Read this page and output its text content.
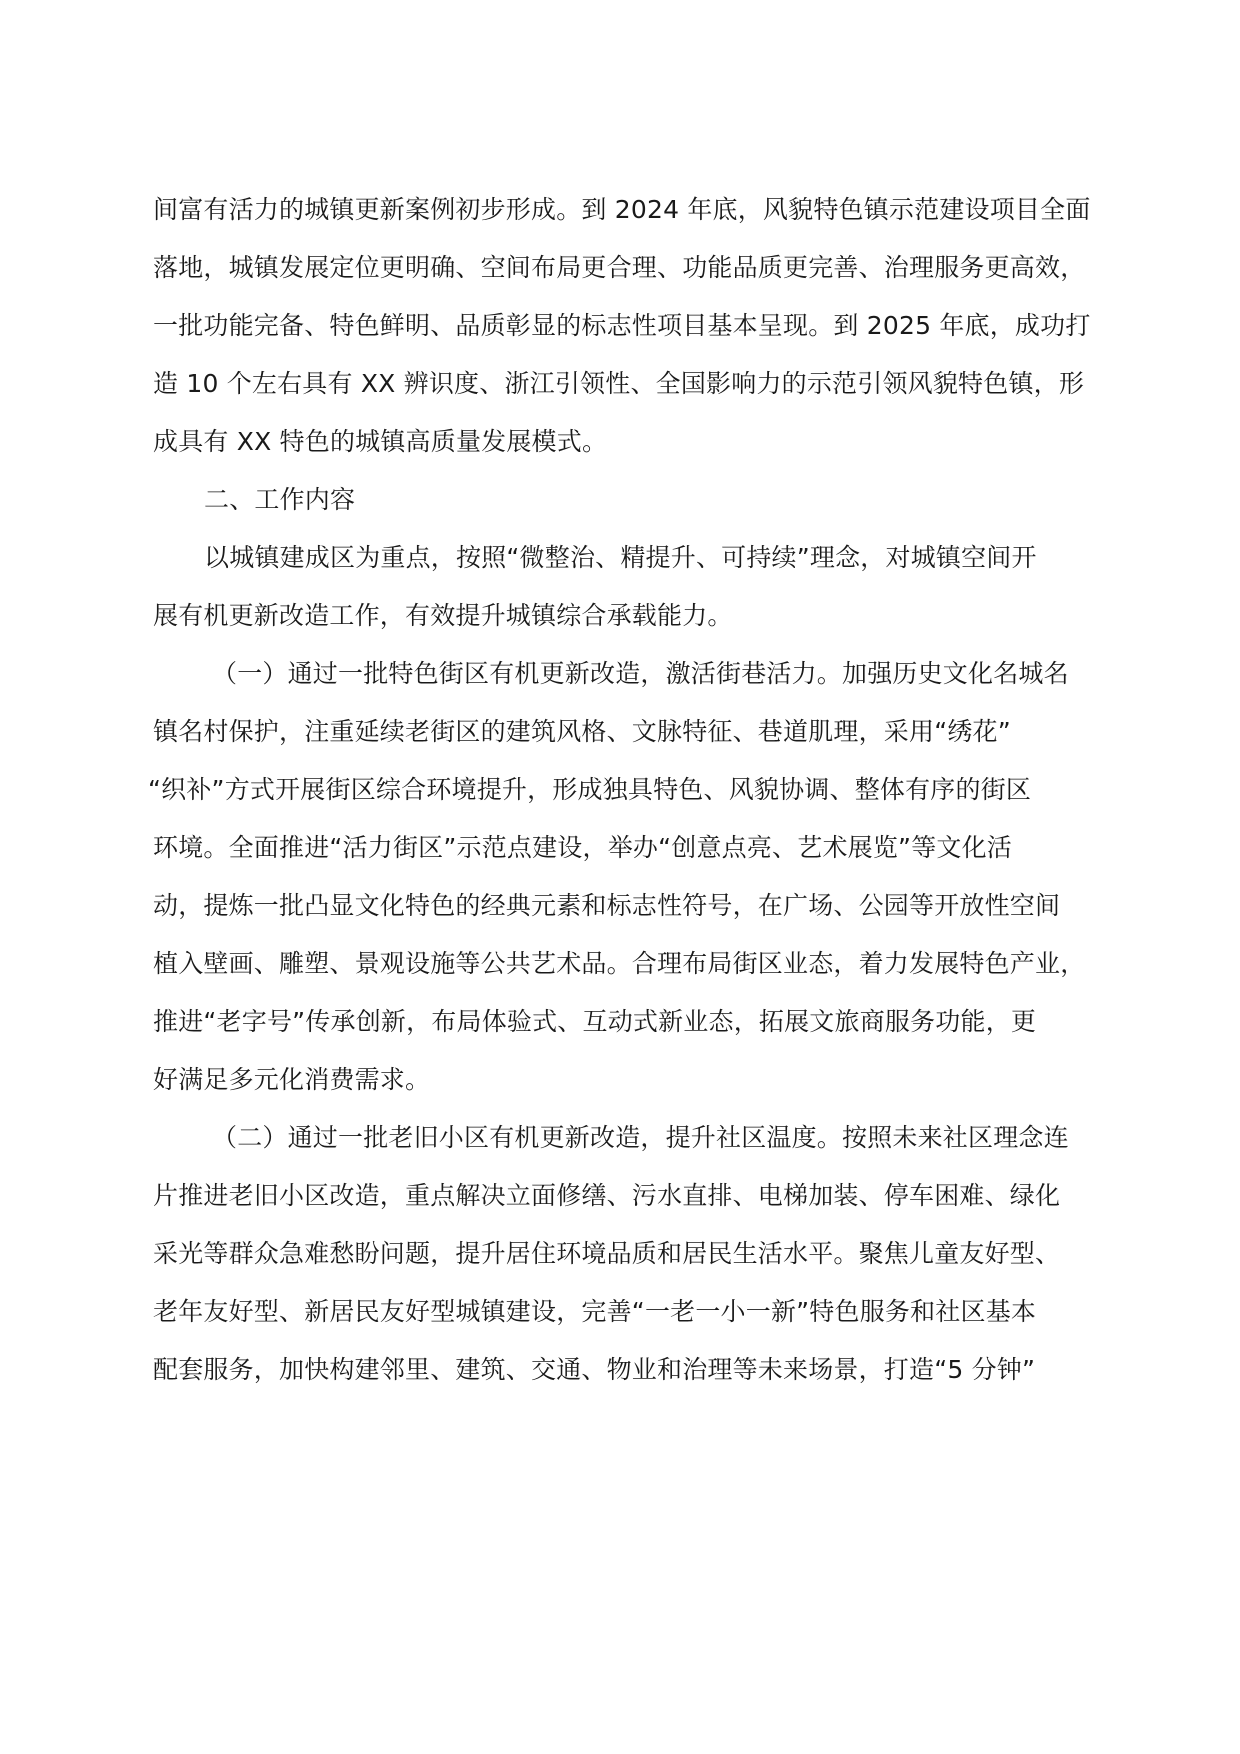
间富有活力的城镇更新案例初步形成。到 2024 年底，风貌特色镇示范建设项目全面
落地，城镇发展定位更明确、空间布局更合理、功能品质更完善、治理服务更高效，
一批功能完备、特色鲜明、品质彰显的标志性项目基本呈现。到 2025 年底，成功打
造 10 个左右具有 XX 辨识度、浙江引领性、全国影响力的示范引领风貌特色镇，形
成具有 XX 特色的城镇高质量发展模式。
二、工作内容
以城镇建成区为重点，按照“微整治、精提升、可持续”理念，对城镇空间开
展有机更新改造工作，有效提升城镇综合承载能力。
（一）通过一批特色街区有机更新改造，激活街巷活力。加强历史文化名城名
镇名村保护，注重延续老街区的建筑风格、文脉特征、巷道肌理，采用“绣花”
“织补”方式开展街区综合环境提升，形成独具特色、风貌协调、整体有序的街区
环境。全面推进“活力街区”示范点建设，举办“创意点亮、艺术展览”等文化活
动，提炼一批凸显文化特色的经典元素和标志性符号，在广场、公园等开放性空间
植入壁画、雕塑、景观设施等公共艺术品。合理布局街区业态，着力发展特色产业，
推进“老字号”传承创新，布局体验式、互动式新业态，拓展文旅商服务功能，更
好满足多元化消费需求。
（二）通过一批老旧小区有机更新改造，提升社区温度。按照未来社区理念连
片推进老旧小区改造，重点解决立面修缮、污水直排、电梯加装、停车困难、绿化
采光等群众急难愁盼问题，提升居住环境品质和居民生活水平。聚焦儿童友好型、
老年友好型、新居民友好型城镇建设，完善“一老一小一新”特色服务和社区基本
配套服务，加快构建邻里、建筑、交通、物业和治理等未来场景，打造“5 分钟”
